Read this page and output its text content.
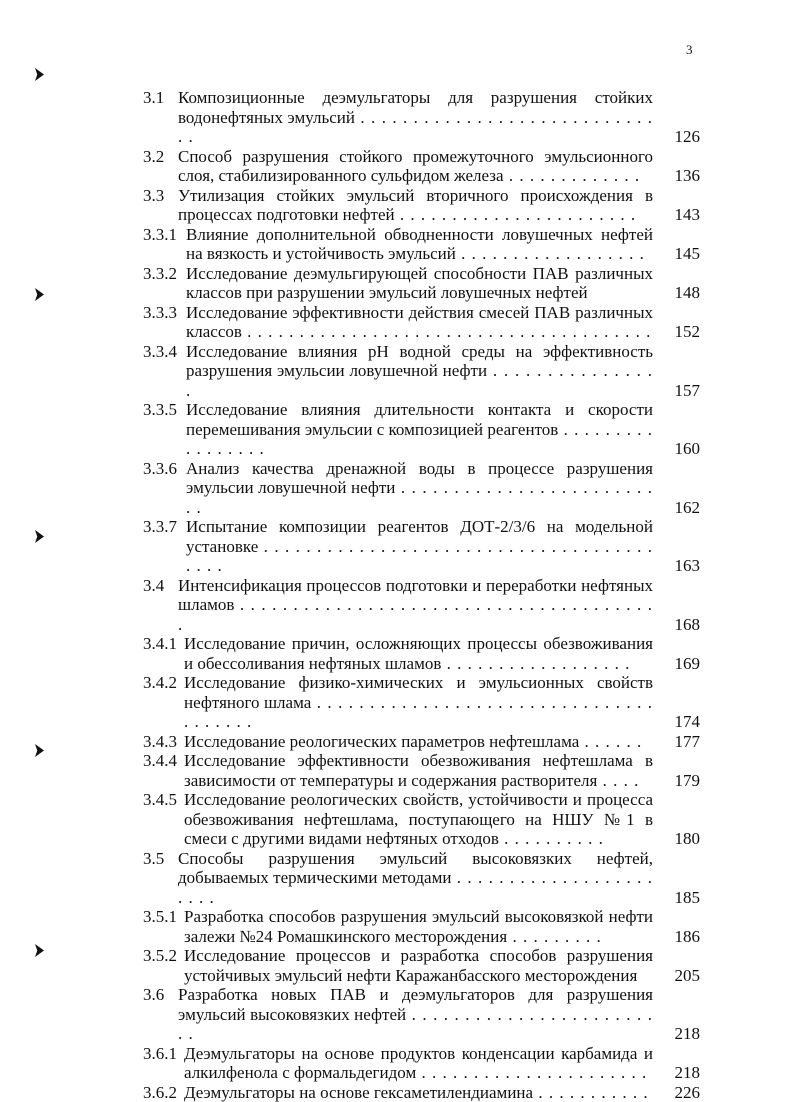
3
3.1 Композиционные деэмульгаторы для разрушения стойких водонефтяных эмульсий . . . . . . . . . . . . . . . . . . . . . . . . . . . . . .	126
3.2 Способ разрушения стойкого промежуточного эмульсионного слоя, стабилизированного сульфидом железа . . . . . . . . . . . . .	136
3.3 Утилизация стойких эмульсий вторичного происхождения в процессах подготовки нефтей . . . . . . . . . . . . . . . . . . . . . . .	143
3.3.1 Влияние дополнительной обводненности ловушечных нефтей на вязкость и устойчивость эмульсий . . . . . . . . . . . . . . . . . .	145
3.3.2 Исследование деэмульгирующей способности ПАВ различных классов при разрушении эмульсий ловушечных нефтей	148
3.3.3 Исследование эффективности действия смесей ПАВ различных классов . . . . . . . . . . . . . . . . . . . . . . . . . . . . . . . . . . . . . . . 152
3.3.4 Исследование влияния рН водной среды на эффективность разрушения эмульсии ловушечной нефти . . . . . . . . . . . . . . . .	157
3.3.5 Исследование влияния длительности контакта и скорости перемешивания эмульсии с композицией реагентов . . . . . . . . . . . . . . . . .	160
3.3.6 Анализ качества дренажной воды в процессе разрушения эмульсии ловушечной нефти . . . . . . . . . . . . . . . . . . . . . . . . . .	162
3.3.7 Испытание композиции реагентов ДОТ-2/3/6 на модельной установке . . . . . . . . . . . . . . . . . . . . . . . . . . . . . . . . . . . . . . . . .	163
3.4 Интенсификация процессов подготовки и переработки нефтяных шламов . . . . . . . . . . . . . . . . . . . . . . . . . . . . . . . . . . . . . . . .	168
3.4.1 Исследование причин, осложняющих процессы обезвоживания и обессоливания нефтяных шламов . . . . . . . . . . . . . . . . . .	169
3.4.2 Исследование физико-химических и эмульсионных свойств нефтяного шлама . . . . . . . . . . . . . . . . . . . . . . . . . . . . . . . . . . . . . . .	174
3.4.3 Исследование реологических параметров нефтешлама . . . . . .	177
3.4.4 Исследование эффективности обезвоживания нефтешлама в зависимости от температуры и содержания растворителя . . . .	179
3.4.5 Исследование реологических свойств, устойчивости и процесса обезвоживания нефтешлама, поступающего на НШУ №1 в смеси с другими видами нефтяных отходов . . . . . . . . . .	180
3.5 Способы разрушения эмульсий высоковязких нефтей, добываемых термическими методами . . . . . . . . . . . . . . . . . . . . . . .	185
3.5.1 Разработка способов разрушения эмульсий высоковязкой нефти залежи №24 Ромашкинского месторождения . . . . . . . . .	186
3.5.2 Исследование процессов и разработка способов разрушения устойчивых эмульсий нефти Каражанбасского месторождения	205
3.6 Разработка новых ПАВ и деэмульгаторов для разрушения эмульсий высоковязких нефтей . . . . . . . . . . . . . . . . . . . . . . . . .	218
3.6.1 Деэмульгаторы на основе продуктов конденсации карбамида и алкилфенола с формальдегидом . . . . . . . . . . . . . . . . . . . . . .	218
3.6.2 Деэмульгаторы на основе гексаметилендиамина . . . . . . . . . . . 226
